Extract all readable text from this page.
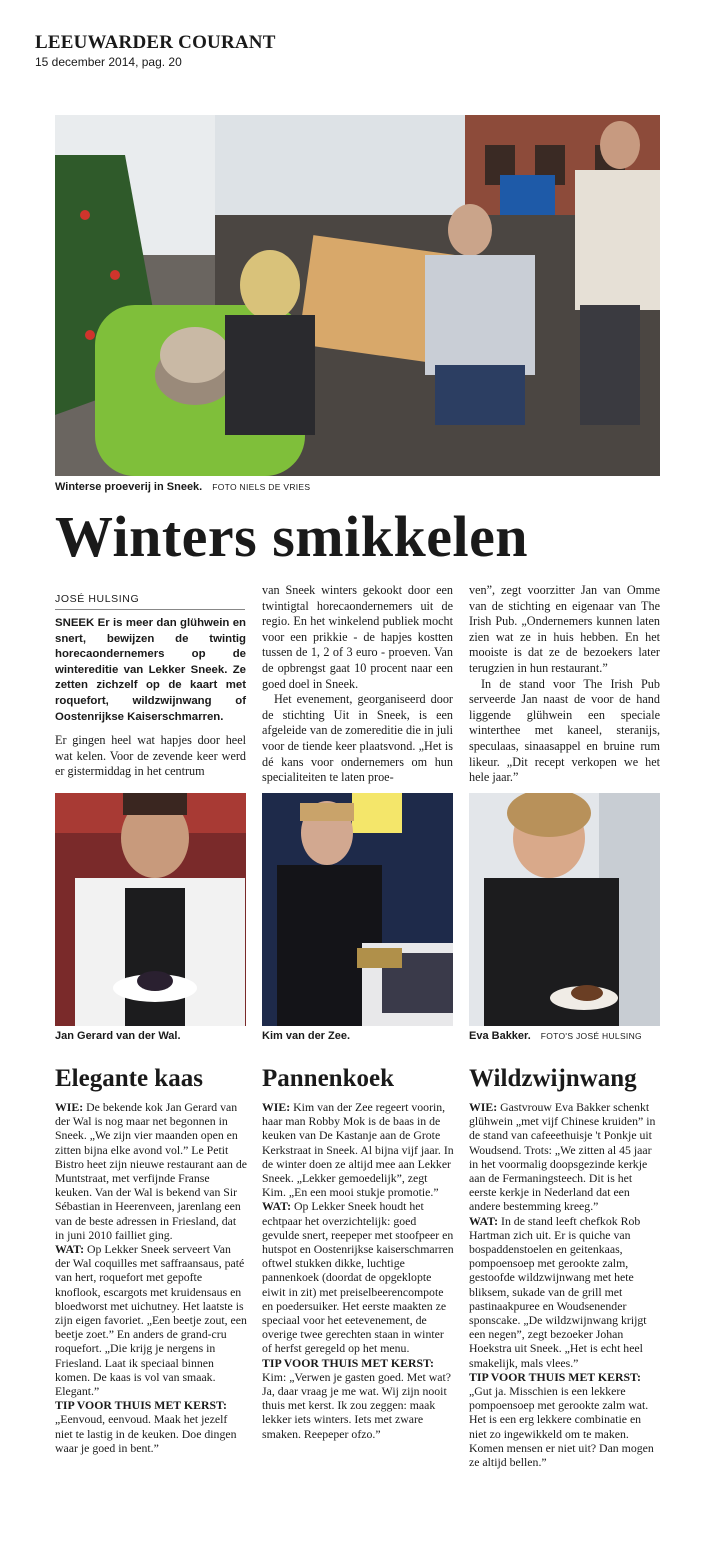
LEEUWARDER COURANT
15 december 2014, pag. 20
Winterse proeverij in Sneek. FOTO NIELS DE VRIES
Winters smikkelen
JOSÉ HULSING

SNEEK Er is meer dan glühwein en snert, bewijzen de twintig horecaondernemers op de wintereditie van Lekker Sneek. Ze zetten zichzelf op de kaart met roquefort, wildzwijnwang of Oostenrijkse Kaiserschmarren.

Er gingen heel wat hapjes door heel wat kelen. Voor de zevende keer werd er gistermiddag in het centrum

van Sneek winters gekookt door een twintigtal horecaondernemers uit de regio. En het winkelend publiek mocht voor een prikkie - de hapjes kostten tussen de 1, 2 of 3 euro - proeven. Van de opbrengst gaat 10 procent naar een goed doel in Sneek.

Het evenement, georganiseerd door de stichting Uit in Sneek, is een afgeleide van de zomereditie die in juli voor de tiende keer plaatsvond. „Het is dé kans voor ondernemers om hun specialiteiten te laten proe-

ven”, zegt voorzitter Jan van Omme van de stichting en eigenaar van The Irish Pub. „Ondernemers kunnen laten zien wat ze in huis hebben. En het mooiste is dat ze de bezoekers later terugzien in hun restaurant.”

In de stand voor The Irish Pub serveerde Jan naast de voor de hand liggende glühwein een speciale winterthee met kaneel, steranijs, speculaas, sinaasappel en bruine rum likeur. „Dit recept verkopen we het hele jaar.”

Jan Gerard van der Wal.	Kim van der Zee.	Eva Bakker. FOTO'S JOSÉ HULSING
Elegante kaas Pannenkoek	Wildzwijnwang

WIE: De bekende kok Jan Gerard van der Wal is nog maar net begonnen in Sneek. „We zijn vier maanden open en zitten bijna elke avond vol.” Le Petit Bistro heet zijn nieuwe restaurant aan de Muntstraat, met verfijnde Franse keuken. Van der Wal is bekend van Sir Sébastian in Heerenveen, jarenlang een van de beste adressen in Friesland, dat in juni 2010 failliet ging.

WAT: Op Lekker Sneek serveert Van der Wal coquilles met saffraansaus, paté van hert, roquefort met gepofte knoflook, escargots met kruidensaus en bloedworst met uichutney. Het laatste is zijn eigen favoriet. „Een beetje zout, een beetje zoet.” En anders de grand-cru roquefort. „Die krijg je nergens in Friesland. Laat ik speciaal binnen komen. De kaas is vol van smaak. Elegant.”

TIP VOOR THUIS MET KERST: „Eenvoud, eenvoud. Maak het jezelf niet te lastig in de keuken. Doe dingen waar je goed in bent.”

WIE: Kim van der Zee regeert voorin, haar man Robby Mok is de baas in de keuken van De Kastanje aan de Grote Kerkstraat in Sneek. Al bijna vijf jaar. In de winter doen ze altijd mee aan Lekker Sneek. „Lekker gemoedelijk”, zegt Kim. „En een mooi stukje promotie.”

WAT: Op Lekker Sneek houdt het echtpaar het overzichtelijk: goed gevulde snert, reepeper met stoofpeer en hutspot en Oostenrijkse kaiserschmarren oftwel stukken dikke, luchtige pannenkoek (doordat de opgeklopte eiwit in zit) met preiselbeerencompote en poedersuiker. Het eerste maakten ze speciaal voor het eetevenement, de overige twee gerechten staan in winter of herfst geregeld op het menu.

TIP VOOR THUIS MET KERST: Kim: „Verwen je gasten goed. Met wat? Ja, daar vraag je me wat. Wij zijn nooit thuis met kerst. Ik zou zeggen: maak lekker iets winters. Iets met zware smaken. Reepeper ofzo.”

WIE: Gastvrouw Eva Bakker schenkt glühwein „met vijf Chinese kruiden” in de stand van cafeeethuisje 't Ponkje uit Woudsend. Trots: „We zitten al 45 jaar in het voormalig doopsgezinde kerkje aan de Fermaningsteech. Dit is het eerste kerkje in Nederland dat een andere bestemming kreeg.”

WAT: In de stand leeft chefkok Rob Hartman zich uit. Er is quiche van bospaddenstoelen en geitenkaas, pompoensoep met gerookte zalm, gestoofde wildzwijnwang met hete bliksem, sukade van de grill met pastinaakpuree en Woudsenender sponscake. „De wildzwijnwang krijgt een negen”, zegt bezoeker Johan Hoekstra uit Sneek. „Het is echt heel smakelijk, mals vlees.”

TIP VOOR THUIS MET KERST: „Gut ja. Misschien is een lekkere pompoensoep met gerookte zalm wat. Het is een erg lekkere combinatie en niet zo ingewikkeld om te maken. Komen mensen er niet uit? Dan mogen ze altijd bellen.”
